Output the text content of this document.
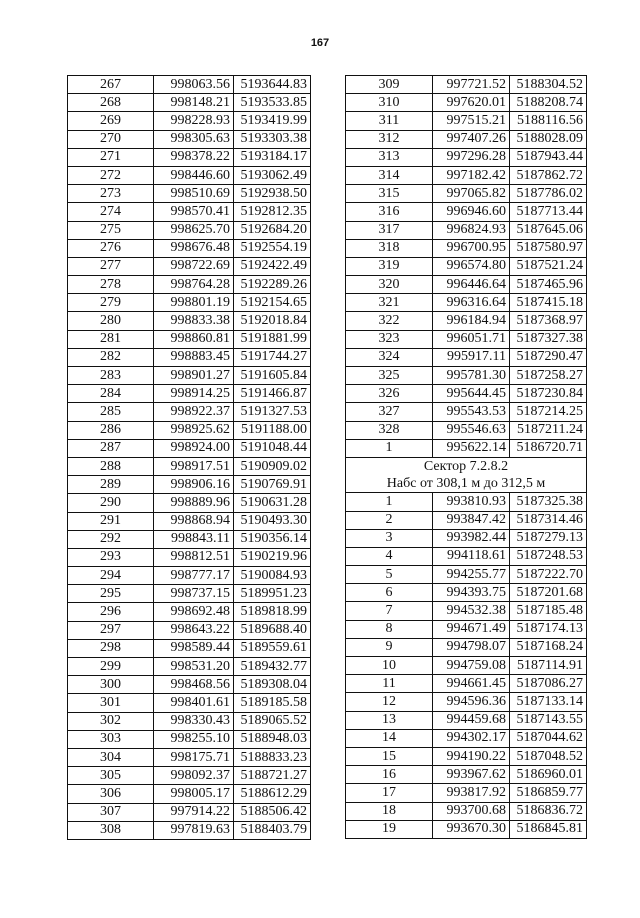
167
267	998063.56	5193644.83
268	998148.21	5193533.85
269	998228.93	5193419.99
270	998305.63	5193303.38
271	998378.22	5193184.17
272	998446.60	5193062.49
273	998510.69	5192938.50
274	998570.41	5192812.35
275	998625.70	5192684.20
276	998676.48	5192554.19
277	998722.69	5192422.49
278	998764.28	5192289.26
279	998801.19	5192154.65
280	998833.38	5192018.84
281	998860.81	5191881.99
282	998883.45	5191744.27
283	998901.27	5191605.84
284	998914.25	5191466.87
285	998922.37	5191327.53
286	998925.62	5191188.00
287	998924.00	5191048.44
288	998917.51	5190909.02
289	998906.16	5190769.91
290	998889.96	5190631.28
291	998868.94	5190493.30
292	998843.11	5190356.14
293	998812.51	5190219.96
294	998777.17	5190084.93
295	998737.15	5189951.23
296	998692.48	5189818.99
297	998643.22	5189688.40
298	998589.44	5189559.61
299	998531.20	5189432.77
300	998468.56	5189308.04
301	998401.61	5189185.58
302	998330.43	5189065.52
303	998255.10	5188948.03
304	998175.71	5188833.23
305	998092.37	5188721.27
306	998005.17	5188612.29
307	997914.22	5188506.42
308	997819.63	5188403.79
309	997721.52	5188304.52
310	997620.01	5188208.74
311	997515.21	5188116.56
312	997407.26	5188028.09
313	997296.28	5187943.44
314	997182.42	5187862.72
315	997065.82	5187786.02
316	996946.60	5187713.44
317	996824.93	5187645.06
318	996700.95	5187580.97
319	996574.80	5187521.24
320	996446.64	5187465.96
321	996316.64	5187415.18
322	996184.94	5187368.97
323	996051.71	5187327.38
324	995917.11	5187290.47
325	995781.30	5187258.27
326	995644.45	5187230.84
327	995543.53	5187214.25
328	995546.63	5187211.24
1	995622.14	5186720.71
Сектор 7.2.8.2		
Набс от 308,1 м до 312,5 м		
1	993810.93	5187325.38
2	993847.42	5187314.46
3	993982.44	5187279.13
4	994118.61	5187248.53
5	994255.77	5187222.70
6	994393.75	5187201.68
7	994532.38	5187185.48
8	994671.49	5187174.13
9	994798.07	5187168.24
10	994759.08	5187114.91
11	994661.45	5187086.27
12	994596.36	5187133.14
13	994459.68	5187143.55
14	994302.17	5187044.62
15	994190.22	5187048.52
16	993967.62	5186960.01
17	993817.92	5186859.77
18	993700.68	5186836.72
19	993670.30	5186845.81
